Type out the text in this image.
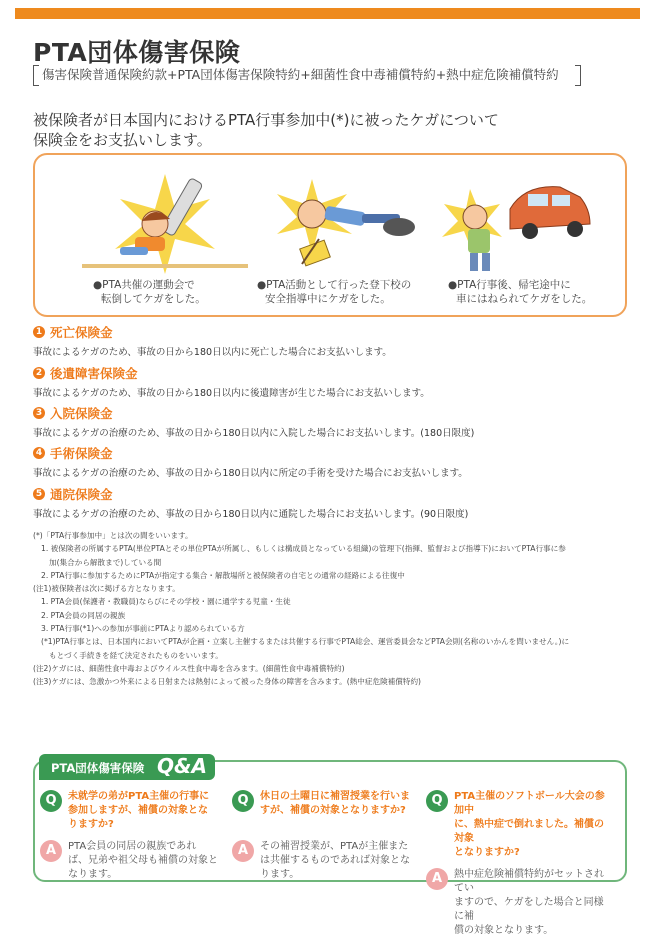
PTA団体傷害保険
傷害保険普通保険約款+PTA団体傷害保険特約+細菌性食中毒補償特約+熱中症危険補償特約
被保険者が日本国内におけるPTA行事参加中(*)に被ったケガについて
保険金をお支払いします。
●PTA共催の運動会で
転倒してケガをした。
●PTA活動として行った登下校の
安全指導中にケガをした。
●PTA行事後、帰宅途中に
車にはねられてケガをした。
1 死亡保険金
事故によるケガのため、事故の日から180日以内に死亡した場合にお支払いします。
2 後遺障害保険金
事故によるケガのため、事故の日から180日以内に後遺障害が生じた場合にお支払いします。
3 入院保険金
事故によるケガの治療のため、事故の日から180日以内に入院した場合にお支払いします。(180日限度)
4 手術保険金
事故によるケガの治療のため、事故の日から180日以内に所定の手術を受けた場合にお支払いします。
5 通院保険金
事故によるケガの治療のため、事故の日から180日以内に通院した場合にお支払いします。(90日限度)
(*)「PTA行事参加中」とは次の間をいいます。
1. 被保険者の所属するPTA(単位PTAとその単位PTAが所属し、もしくは構成員となっている組織)の管理下(指揮、監督および指導下)においてPTA行事に参
加(集合から解散まで)している間
2. PTA行事に参加するためにPTAが指定する集合・解散場所と被保険者の自宅との通常の経路による往復中
(注1)被保険者は次に掲げる方となります。
1. PTA会員(保護者・教職員)ならびにその学校・園に通学する児童・生徒
2. PTA会員の同居の親族
3. PTA行事(*1)への参加が事前にPTAより認められている方
(*1)PTA行事とは、日本国内においてPTAが企画・立案し主催するまたは共催する行事でPTA総会、運営委員会などPTA会則(名称のいかんを問いません。)に
もとづく手続きを経て決定されたものをいいます。
(注2)ケガには、細菌性食中毒およびウイルス性食中毒を含みます。(細菌性食中毒補償特約)
(注3)ケガには、急激かつ外来による日射または熱射によって被った身体の障害を含みます。(熱中症危険補償特約)
PTA団体傷害保険 Q&A
Q	未就学の弟がPTA主催の行事に
参加しますが、補償の対象とな
りますか?
A	PTA会員の同居の親族であれ
ば、兄弟や祖父母も補償の対象と
なります。
Q	休日の土曜日に補習授業を行いま
すが、補償の対象となりますか?
A	その補習授業が、PTAが主催また
は共催するものであれば対象とな
ります。
Q	PTA主催のソフトボール大会の参加中
に、熱中症で倒れました。補償の対象
となりますか?
A	熱中症危険補償特約がセットされてい
ますので、ケガをした場合と同様に補
償の対象となります。
